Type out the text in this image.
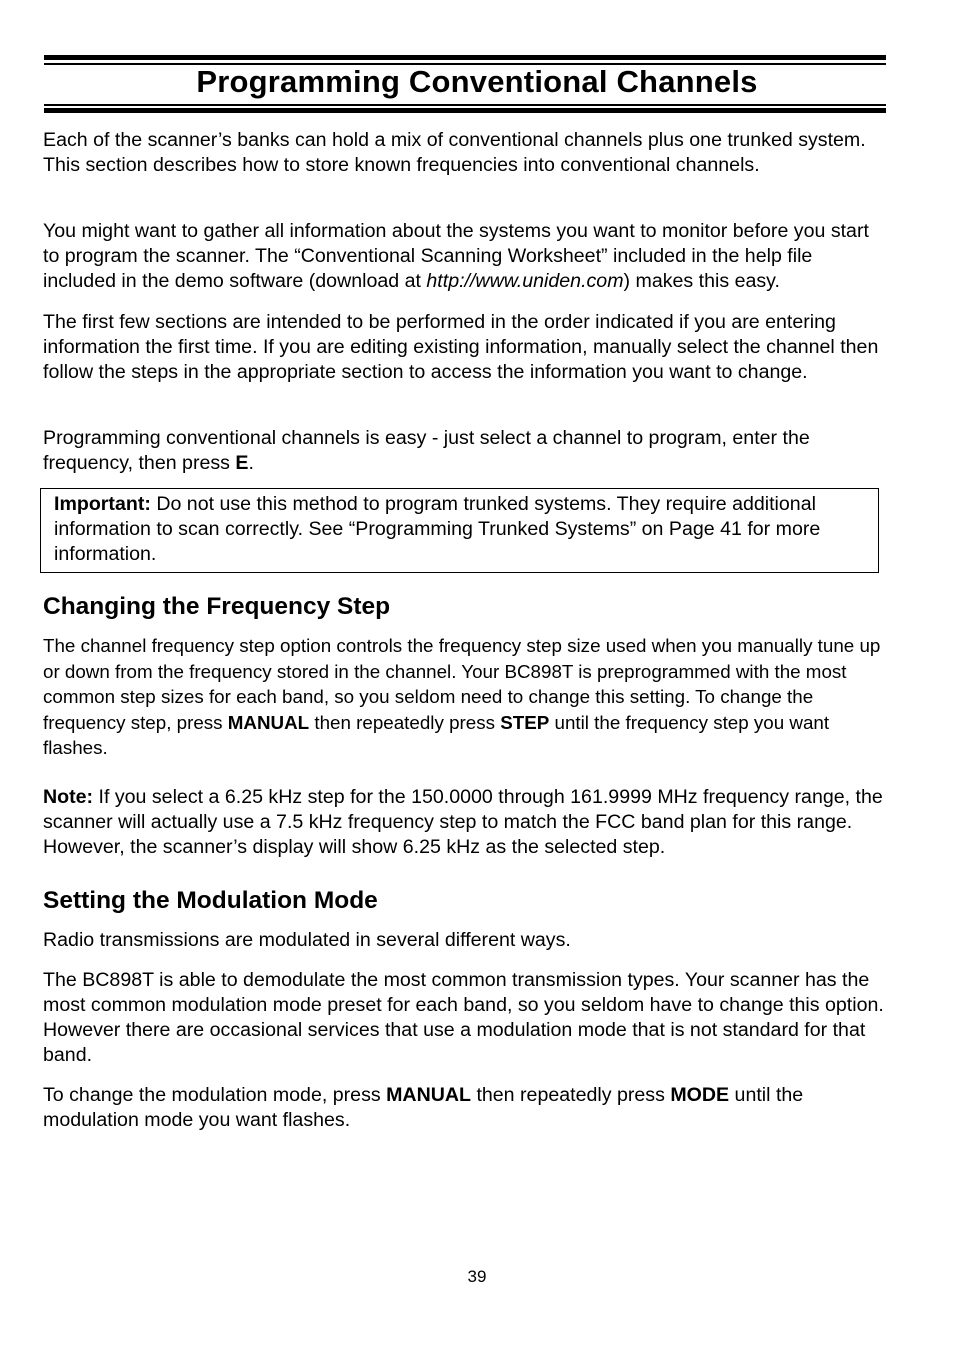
Programming Conventional Channels

Each of the scanner’s banks can hold a mix of conventional channels plus one trunked system. This section describes how to store known frequencies into conventional channels.

You might want to gather all information about the systems you want to monitor before you start to program the scanner. The “Conventional Scanning Worksheet” included in the help file included in the demo software (download at http://www.uniden.com) makes this easy.

The first few sections are intended to be performed in the order indicated if you are entering information the first time. If you are editing existing information, manually select the channel then follow the steps in the appropriate section to access the information you want to change.

Programming conventional channels is easy - just select a channel to program, enter the frequency, then press E.

Important: Do not use this method to program trunked systems. They require additional information to scan correctly. See “Programming Trunked Systems” on Page 41 for more information.

Changing the Frequency Step

The channel frequency step option controls the frequency step size used when you manually tune up or down from the frequency stored in the channel. Your BC898T is preprogrammed with the most common step sizes for each band, so you seldom need to change this setting. To change the frequency step, press MANUAL then repeatedly press STEP until the frequency step you want flashes.

Note: If you select a 6.25 kHz step for the 150.0000 through 161.9999 MHz frequency range, the scanner will actually use a 7.5 kHz frequency step to match the FCC band plan for this range. However, the scanner’s display will show 6.25 kHz as the selected step.

Setting the Modulation Mode

Radio transmissions are modulated in several different ways.

The BC898T is able to demodulate the most common transmission types. Your scanner has the most common modulation mode preset for each band, so you seldom have to change this option. However there are occasional services that use a modulation mode that is not standard for that band.

To change the modulation mode, press MANUAL then repeatedly press MODE until the modulation mode you want flashes.

39
